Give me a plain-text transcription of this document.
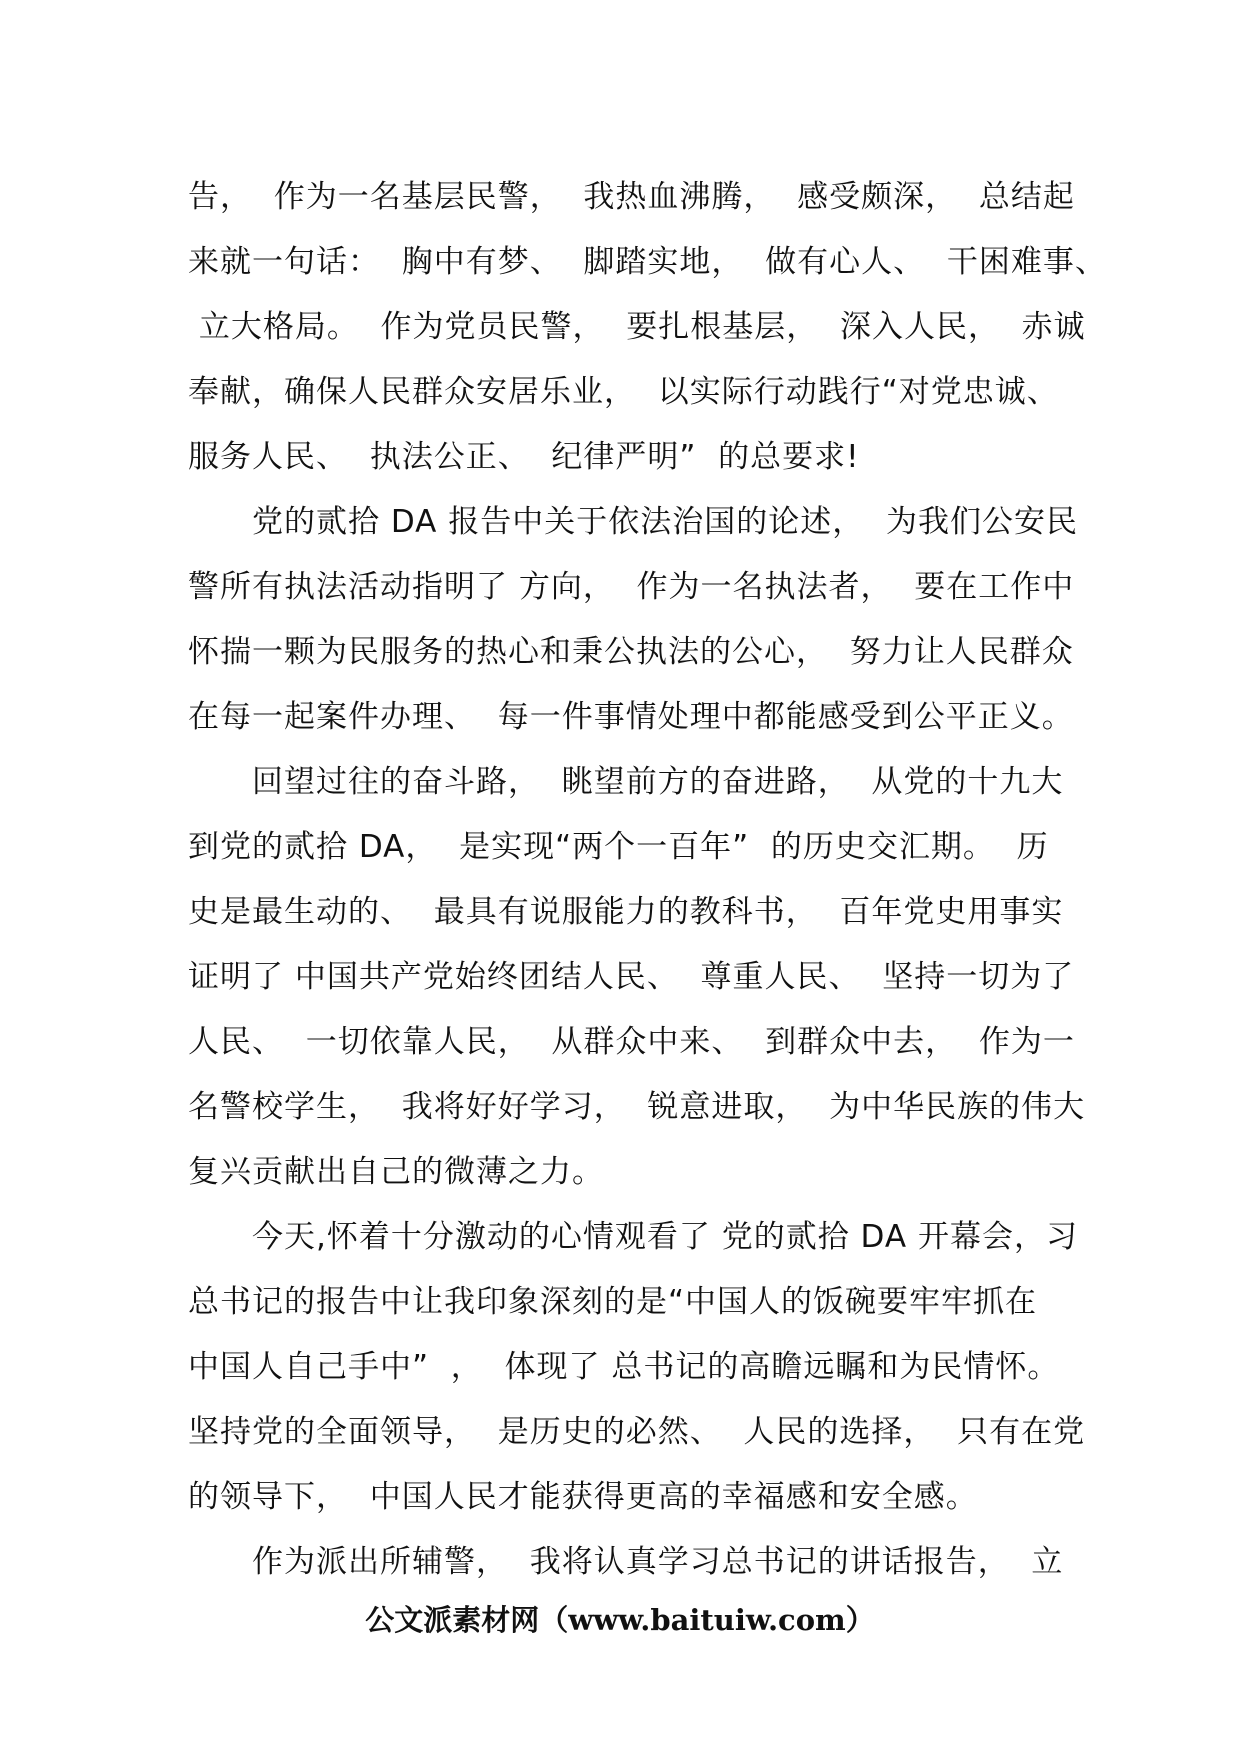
告，  作为一名基层民警，  我热血沸腾，  感受颇深，  总结起
来就一句话：  胸中有梦、  脚踏实地，  做有心人、  干困难事、
立大格局。  作为党员民警，  要扎根基层，  深入人民，  赤诚
奉献，确保人民群众安居乐业，  以实际行动践行“对党忠诚、
服务人民、  执法公正、  纪律严明”  的总要求!
党的贰拾 DA 报告中关于依法治国的论述，  为我们公安民
警所有执法活动指明了 方向，  作为一名执法者，  要在工作中
怀揣一颗为民服务的热心和秉公执法的公心，  努力让人民群众
在每一起案件办理、  每一件事情处理中都能感受到公平正义。
回望过往的奋斗路，  眺望前方的奋进路，  从党的十九大
到党的贰拾 DA，  是实现“两个一百年”  的历史交汇期。  历
史是最生动的、  最具有说服能力的教科书，  百年党史用事实
证明了 中国共产党始终团结人民、  尊重人民、  坚持一切为了
人民、  一切依靠人民，  从群众中来、  到群众中去，  作为一
名警校学生，  我将好好学习，  锐意进取，  为中华民族的伟大
复兴贡献出自己的微薄之力。
今天,怀着十分激动的心情观看了 党的贰拾 DA 开幕会，习
总书记的报告中让我印象深刻的是“中国人的饭碗要牢牢抓在
中国人自己手中”  ，  体现了 总书记的高瞻远瞩和为民情怀。
坚持党的全面领导，  是历史的必然、  人民的选择，  只有在党
的领导下，  中国人民才能获得更高的幸福感和安全感。
作为派出所辅警，  我将认真学习总书记的讲话报告，  立
公文派素材网（www.baituiw.com）
